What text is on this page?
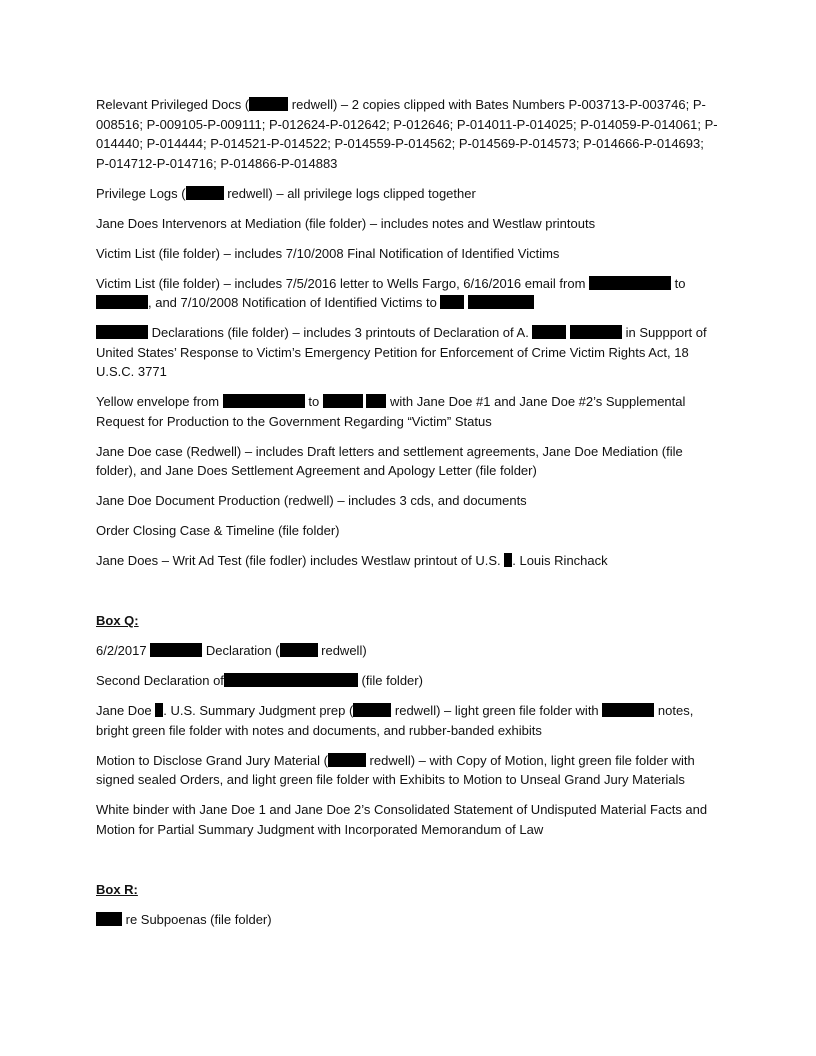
Relevant Privileged Docs (	redwell) – 2 copies clipped with Bates Numbers P-003713-P-003746; P-008516; P-009105-P-009111; P-012624-P-012642; P-012646; P-014011-P-014025; P-014059-P-014061; P-014440; P-014444; P-014521-P-014522; P-014559-P-014562; P-014569-P-014573; P-014666-P-014693; P-014712-P-014716; P-014866-P-014883
Privilege Logs (	redwell) – all privilege logs clipped together
Jane Does Intervenors at Mediation (file folder) – includes notes and Westlaw printouts
Victim List (file folder) – includes 7/10/2008 Final Notification of Identified Victims
Victim List (file folder) – includes 7/5/2016 letter to Wells Fargo, 6/16/2016 email from	to , and 7/10/2008 Notification of Identified Victims to
Declarations (file folder) – includes 3 printouts of Declaration of A.	in Suppport of United States’ Response to Victim’s Emergency Petition for Enforcement of Crime Victim Rights Act, 18 U.S.C. 3771
Yellow envelope from	to	with Jane Doe #1 and Jane Doe #2’s Supplemental Request for Production to the Government Regarding “Victim” Status
Jane Doe case (Redwell) – includes Draft letters and settlement agreements, Jane Doe Mediation (file folder), and Jane Does Settlement Agreement and Apology Letter (file folder)
Jane Doe Document Production (redwell) – includes 3 cds, and documents
Order Closing Case & Timeline (file folder)
Jane Does – Writ Ad Test (file fodler) includes Westlaw printout of U.S. . Louis Rinchack
Box Q:
6/2/2017	Declaration (	redwell)
Second Declaration of	(file folder)
Jane Doe . U.S. Summary Judgment prep (	redwell) – light green file folder with	notes, bright green file folder with notes and documents, and rubber-banded exhibits
Motion to Disclose Grand Jury Material (	redwell) – with Copy of Motion, light green file folder with signed sealed Orders, and light green file folder with Exhibits to Motion to Unseal Grand Jury Materials
White binder with Jane Doe 1 and Jane Doe 2’s Consolidated Statement of Undisputed Material Facts and Motion for Partial Summary Judgment with Incorporated Memorandum of Law
Box R:
re Subpoenas (file folder)
